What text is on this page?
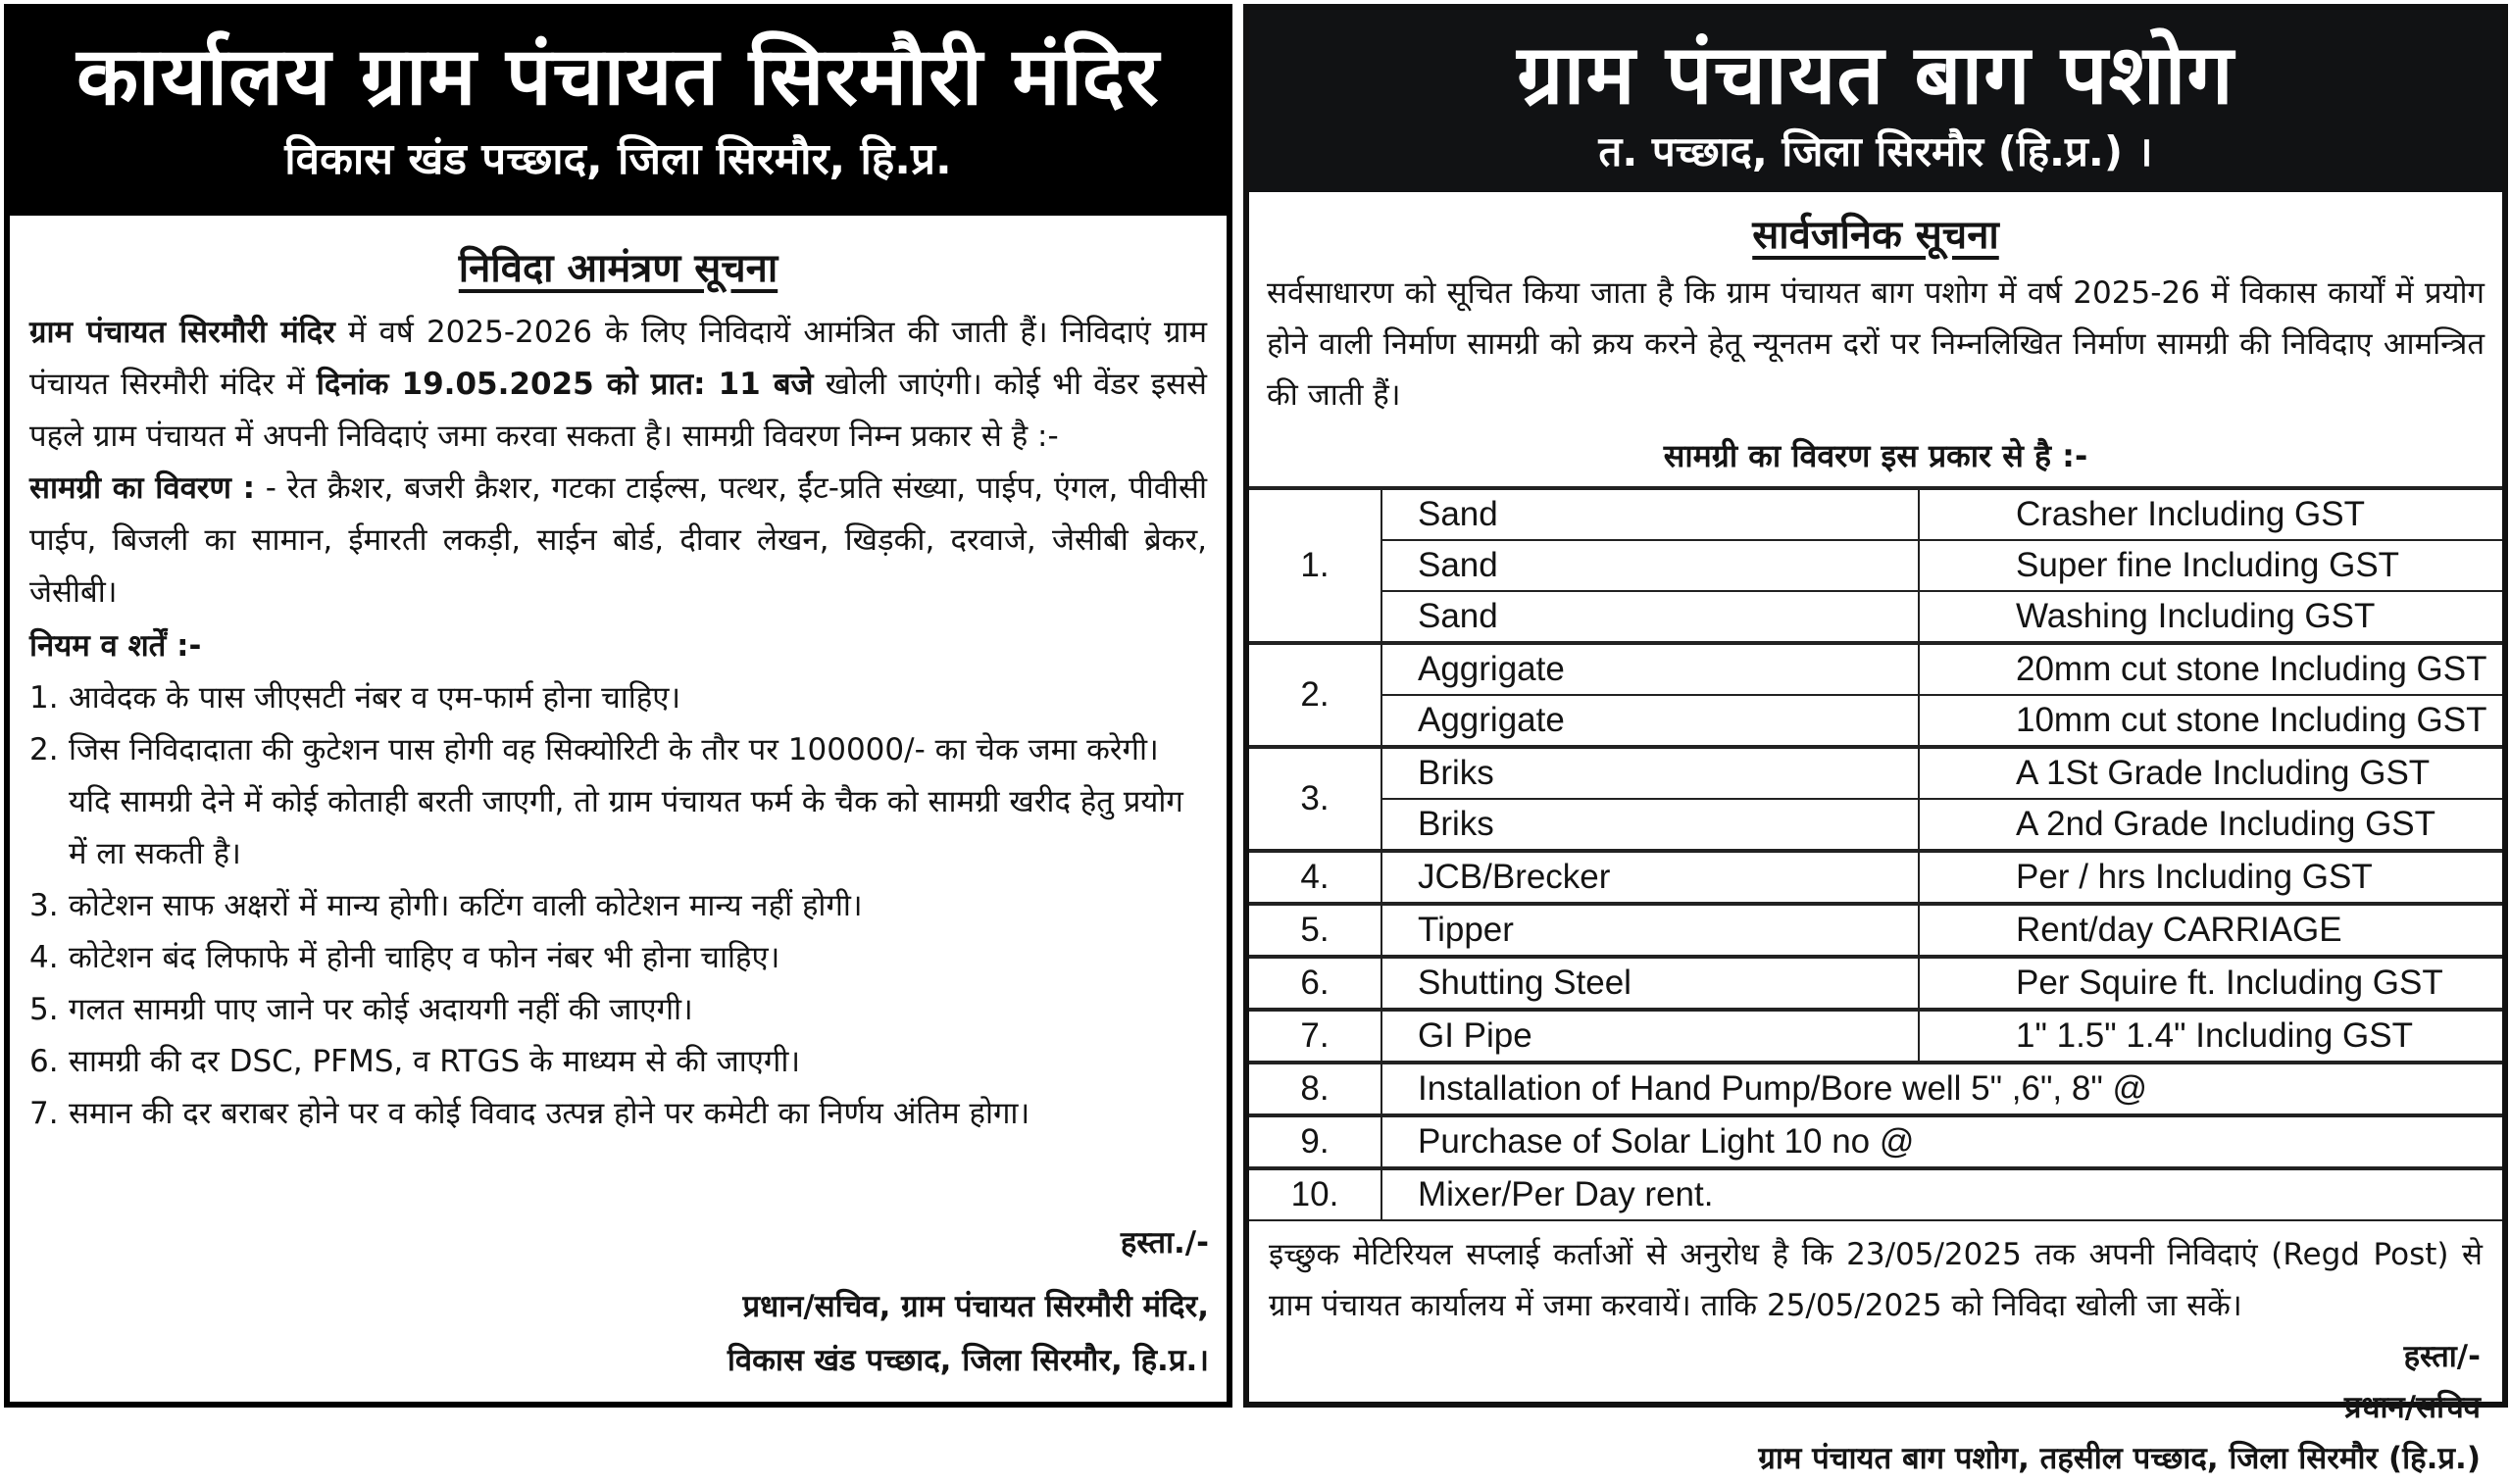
कार्यालय ग्राम पंचायत सिरमौरी मंदिर
विकास खंड पच्छाद, जिला सिरमौर, हि.प्र.
निविदा आमंत्रण सूचना

ग्राम पंचायत सिरमौरी मंदिर में वर्ष 2025-2026 के लिए निविदायें आमंत्रित की जाती हैं। निविदाएं ग्राम पंचायत सिरमौरी मंदिर में दिनांक 19.05.2025 को प्रात: 11 बजे खोली जाएंगी। कोई भी वेंडर इससे पहले ग्राम पंचायत में अपनी निविदाएं जमा करवा सकता है। सामग्री विवरण निम्न प्रकार से है :-

सामग्री का विवरण : - रेत क्रैशर, बजरी क्रैशर, गटका टाईल्स, पत्थर, ईंट-प्रति संख्या, पाईप, एंगल, पीवीसी पाईप, बिजली का सामान, ईमारती लकड़ी, साईन बोर्ड, दीवार लेखन, खिड़की, दरवाजे, जेसीबी ब्रेकर, जेसीबी।

नियम व शर्तें :-
1. आवेदक के पास जीएसटी नंबर व एम-फार्म होना चाहिए।
2. जिस निविदादाता की कुटेशन पास होगी वह सिक्योरिटी के तौर पर 100000/- का चेक जमा करेगी। यदि सामग्री देने में कोई कोताही बरती जाएगी, तो ग्राम पंचायत फर्म के चैक को सामग्री खरीद हेतु प्रयोग में ला सकती है।
3. कोटेशन साफ अक्षरों में मान्य होगी। कटिंग वाली कोटेशन मान्य नहीं होगी।
4. कोटेशन बंद लिफाफे में होनी चाहिए व फोन नंबर भी होना चाहिए।
5. गलत सामग्री पाए जाने पर कोई अदायगी नहीं की जाएगी।
6. सामग्री की दर DSC, PFMS, व RTGS के माध्यम से की जाएगी।
7. समान की दर बराबर होने पर व कोई विवाद उत्पन्न होने पर कमेटी का निर्णय अंतिम होगा।
हस्ता./-
प्रधान/सचिव, ग्राम पंचायत सिरमौरी मंदिर,
विकास खंड पच्छाद, जिला सिरमौर, हि.प्र.।
ग्राम पंचायत बाग पशोग
त. पच्छाद, जिला सिरमौर (हि.प्र.) ।
सार्वजनिक सूचना

सर्वसाधारण को सूचित किया जाता है कि ग्राम पंचायत बाग पशोग में वर्ष 2025-26 में विकास कार्यों में प्रयोग होने वाली निर्माण सामग्री को क्रय करने हेतू न्यूनतम दरों पर निम्नलिखित निर्माण सामग्री की निविदाए आमन्त्रित की जाती हैं।

सामग्री का विवरण इस प्रकार से है :-
1.	Sand	Crasher Including GST
	Sand	Super fine Including GST
	Sand	Washing Including GST
2.	Aggrigate	20mm cut stone Including GST
	Aggrigate	10mm cut stone Including GST
3.	Briks	A 1St Grade Including GST
	Briks	A 2nd Grade Including GST
4.	JCB/Brecker	Per / hrs Including GST
5.	Tipper	Rent/day CARRIAGE
6.	Shutting Steel	Per Squire ft. Including GST
7.	GI Pipe	1" 1.5" 1.4" Including GST
8.	Installation of Hand Pump/Bore well 5" ,6", 8" @	
9.	Purchase of Solar Light 10 no @	
10.	Mixer/Per Day rent.	

इच्छुक मेटिरियल सप्लाई कर्ताओं से अनुरोध है कि 23/05/2025 तक अपनी निविदाएं (Regd Post) से ग्राम पंचायत कार्यालय में जमा करवायें। ताकि 25/05/2025 को निविदा खोली जा सकें।

हस्ता/-
प्रधान/सचिव
ग्राम पंचायत बाग पशोग, तहसील पच्छाद, जिला सिरमौर (हि.प्र.)
